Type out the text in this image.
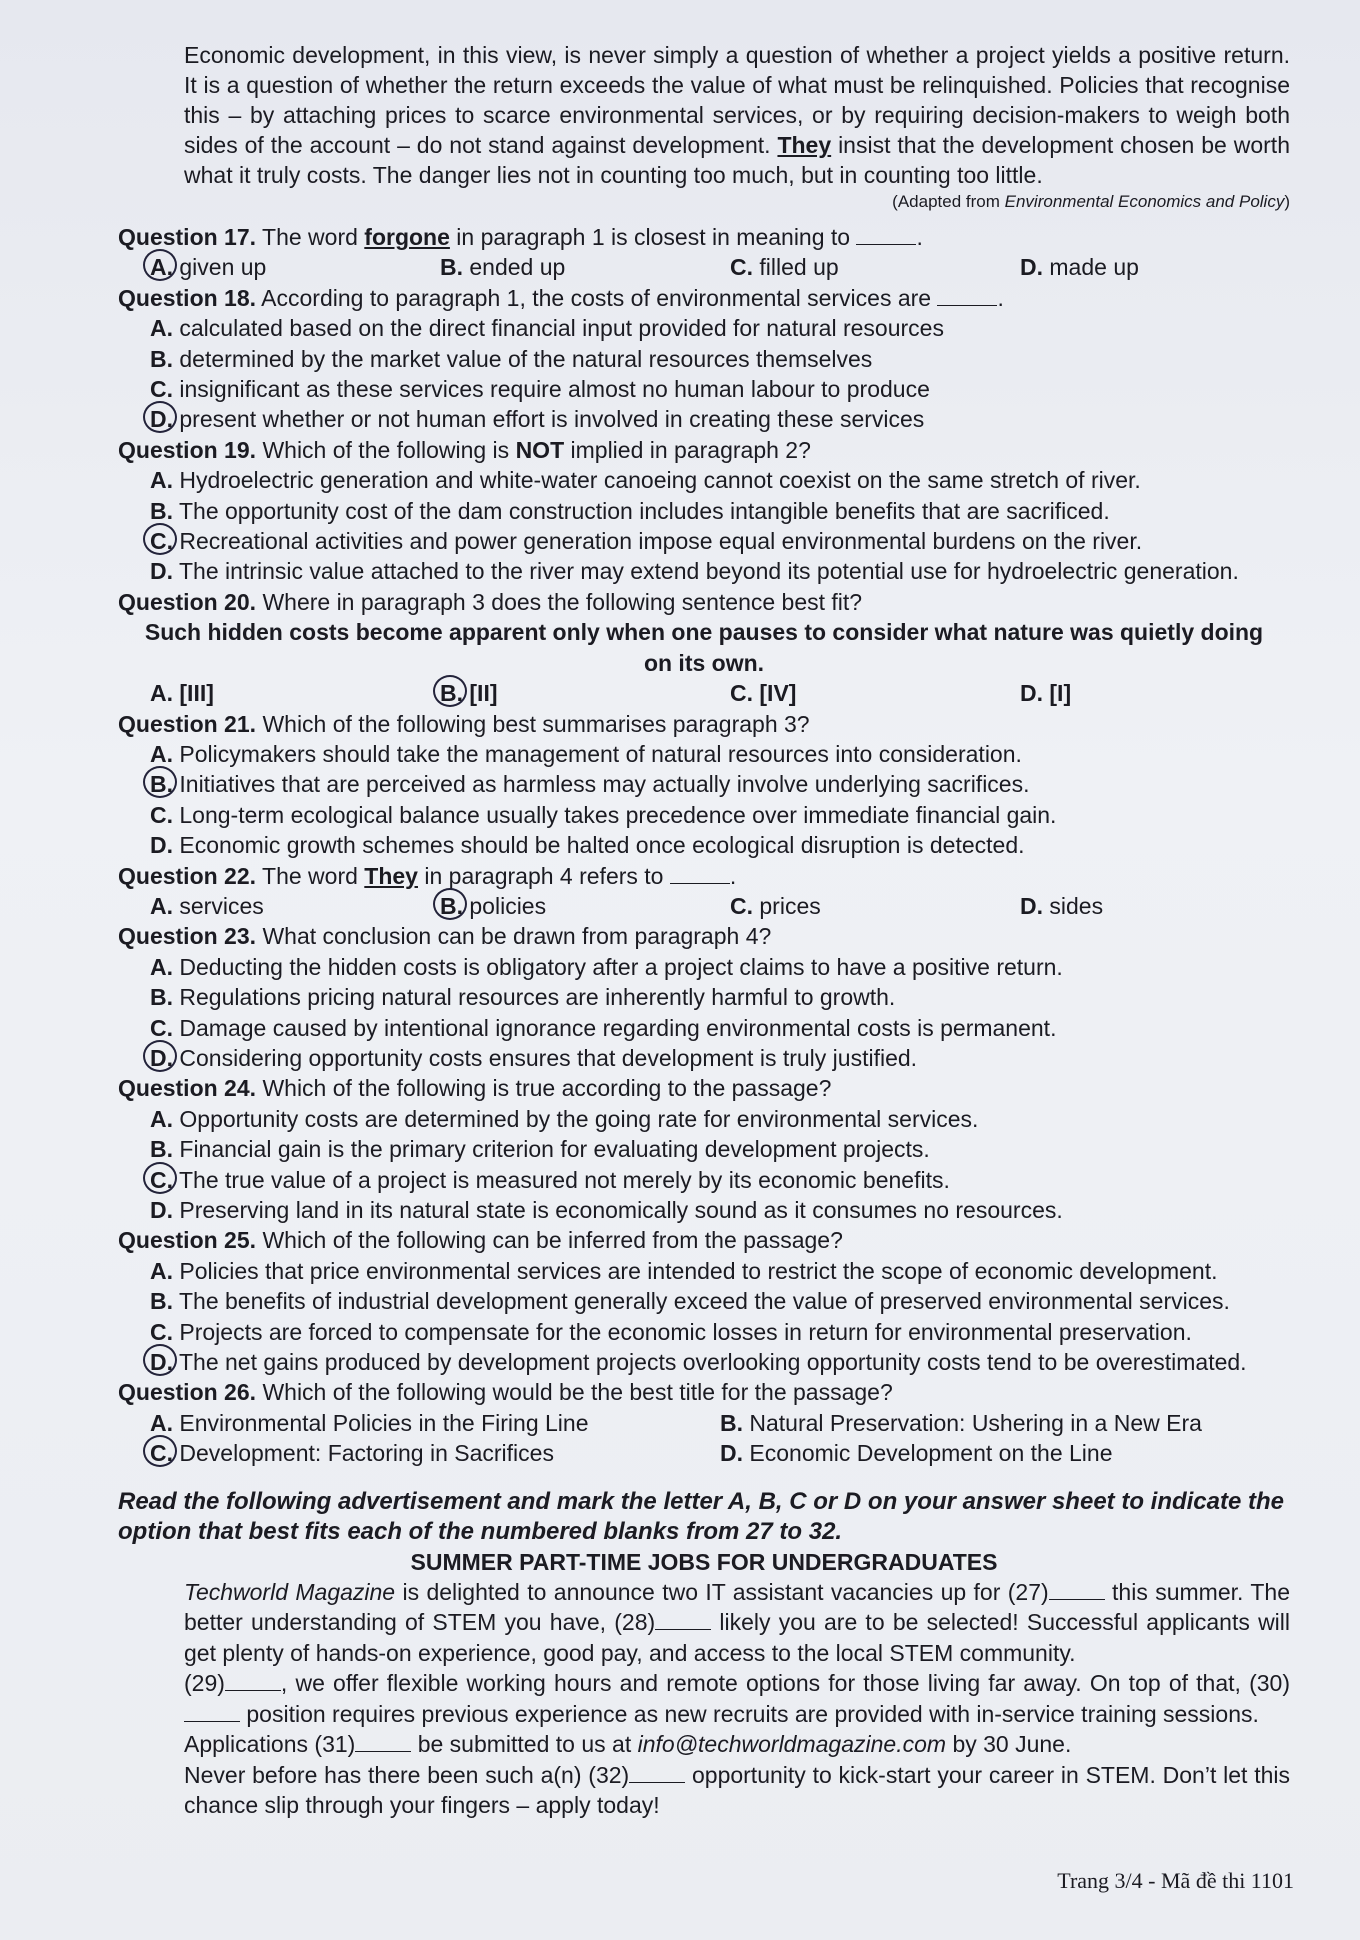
Economic development, in this view, is never simply a question of whether a project yields a positive return. It is a question of whether the return exceeds the value of what must be relinquished. Policies that recognise this – by attaching prices to scarce environmental services, or by requiring decision-makers to weigh both sides of the account – do not stand against development. They insist that the development chosen be worth what it truly costs. The danger lies not in counting too much, but in counting too little.

(Adapted from Environmental Economics and Policy)
Question 17. The word forgone in paragraph 1 is closest in meaning to	.
A. given up	B. ended up	C. filled up	D. made up
Question 18. According to paragraph 1, the costs of environmental services are	.
A. calculated based on the direct financial input provided for natural resources
B. determined by the market value of the natural resources themselves
C. insignificant as these services require almost no human labour to produce
D. present whether or not human effort is involved in creating these services
Question 19. Which of the following is NOT implied in paragraph 2?
A. Hydroelectric generation and white-water canoeing cannot coexist on the same stretch of river.
B. The opportunity cost of the dam construction includes intangible benefits that are sacrificed.
C. Recreational activities and power generation impose equal environmental burdens on the river.
D. The intrinsic value attached to the river may extend beyond its potential use for hydroelectric generation.
Question 20. Where in paragraph 3 does the following sentence best fit?
Such hidden costs become apparent only when one pauses to consider what nature was quietly doing on its own.
A. [III]	B. [II]	C. [IV]	D. [I]
Question 21. Which of the following best summarises paragraph 3?
A. Policymakers should take the management of natural resources into consideration.
B. Initiatives that are perceived as harmless may actually involve underlying sacrifices.
C. Long-term ecological balance usually takes precedence over immediate financial gain.
D. Economic growth schemes should be halted once ecological disruption is detected.
Question 22. The word They in paragraph 4 refers to	.
A. services	B. policies	C. prices	D. sides
Question 23. What conclusion can be drawn from paragraph 4?
A. Deducting the hidden costs is obligatory after a project claims to have a positive return.
B. Regulations pricing natural resources are inherently harmful to growth.
C. Damage caused by intentional ignorance regarding environmental costs is permanent.
D. Considering opportunity costs ensures that development is truly justified.
Question 24. Which of the following is true according to the passage?
A. Opportunity costs are determined by the going rate for environmental services.
B. Financial gain is the primary criterion for evaluating development projects.
C. The true value of a project is measured not merely by its economic benefits.
D. Preserving land in its natural state is economically sound as it consumes no resources.
Question 25. Which of the following can be inferred from the passage?
A. Policies that price environmental services are intended to restrict the scope of economic development.
B. The benefits of industrial development generally exceed the value of preserved environmental services.
C. Projects are forced to compensate for the economic losses in return for environmental preservation.
D. The net gains produced by development projects overlooking opportunity costs tend to be overestimated.
Question 26. Which of the following would be the best title for the passage?
A. Environmental Policies in the Firing Line	B. Natural Preservation: Ushering in a New Era
C. Development: Factoring in Sacrifices	D. Economic Development on the Line

Read the following advertisement and mark the letter A, B, C or D on your answer sheet to indicate the option that best fits each of the numbered blanks from 27 to 32.

SUMMER PART-TIME JOBS FOR UNDERGRADUATES

Techworld Magazine is delighted to announce two IT assistant vacancies up for (27)	this summer. The better understanding of STEM you have, (28)	likely you are to be selected! Successful applicants will get plenty of hands-on experience, good pay, and access to the local STEM community.

(29) , we offer flexible working hours and remote options for those living far away. On top of that, (30) position requires previous experience as new recruits are provided with in-service training sessions.

Applications (31)	be submitted to us at info@techworldmagazine.com by 30 June.

Never before has there been such a(n) (32)	opportunity to kick-start your career in STEM. Don’t let this chance slip through your fingers – apply today!

Trang 3/4 - Mã đề thi 1101
